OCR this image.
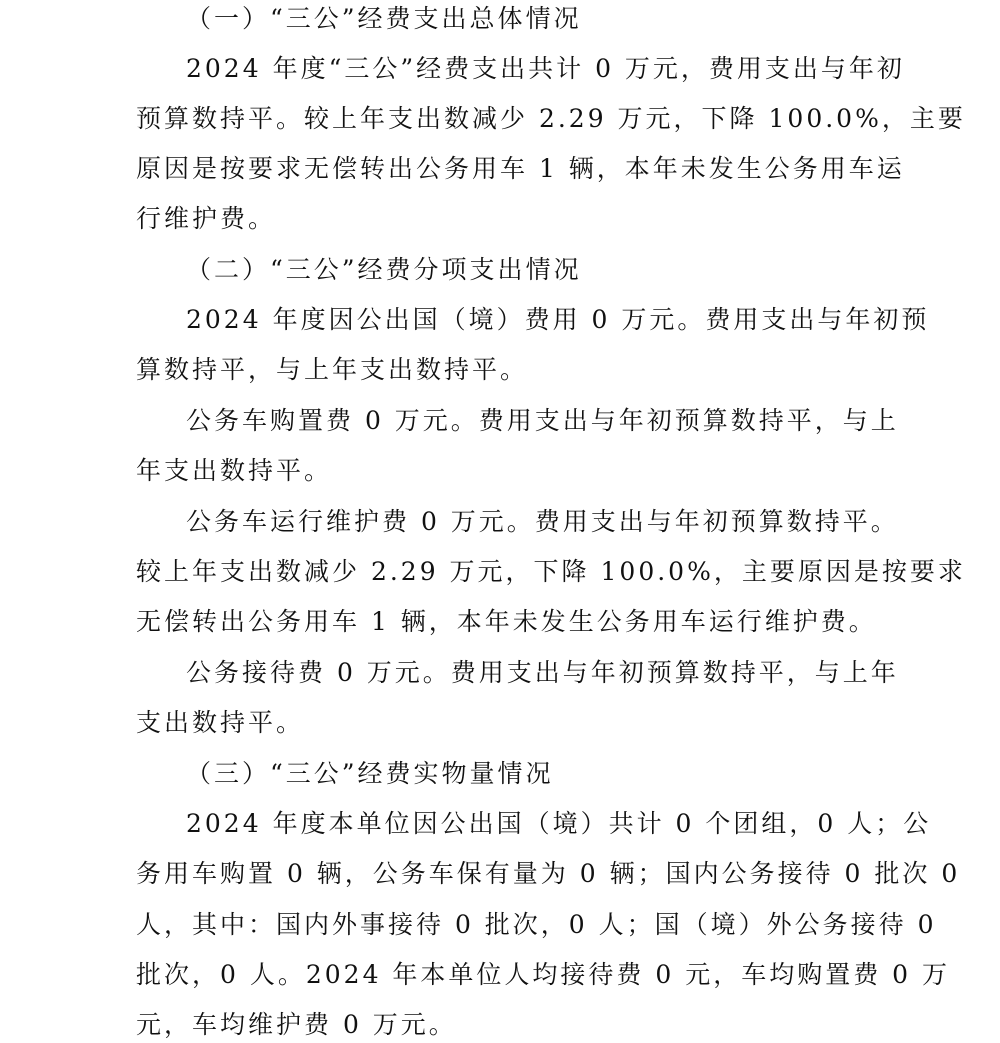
（一）“三公”经费支出总体情况
2024 年度“三公”经费支出共计 0 万元，费用支出与年初
预算数持平。较上年支出数减少 2.29 万元，下降 100.0%，主要
原因是按要求无偿转出公务用车 1 辆，本年未发生公务用车运
行维护费。
（二）“三公”经费分项支出情况
2024 年度因公出国（境）费用 0 万元。费用支出与年初预
算数持平，与上年支出数持平。
公务车购置费 0 万元。费用支出与年初预算数持平，与上
年支出数持平。
公务车运行维护费 0 万元。费用支出与年初预算数持平。
较上年支出数减少 2.29 万元，下降 100.0%，主要原因是按要求
无偿转出公务用车 1 辆，本年未发生公务用车运行维护费。
公务接待费 0 万元。费用支出与年初预算数持平，与上年
支出数持平。
（三）“三公”经费实物量情况
2024 年度本单位因公出国（境）共计 0 个团组，0 人；公
务用车购置 0 辆，公务车保有量为 0 辆；国内公务接待 0 批次 0
人，其中：国内外事接待 0 批次，0 人；国（境）外公务接待 0
批次，0 人。2024 年本单位人均接待费 0 元，车均购置费 0 万
元，车均维护费 0 万元。
